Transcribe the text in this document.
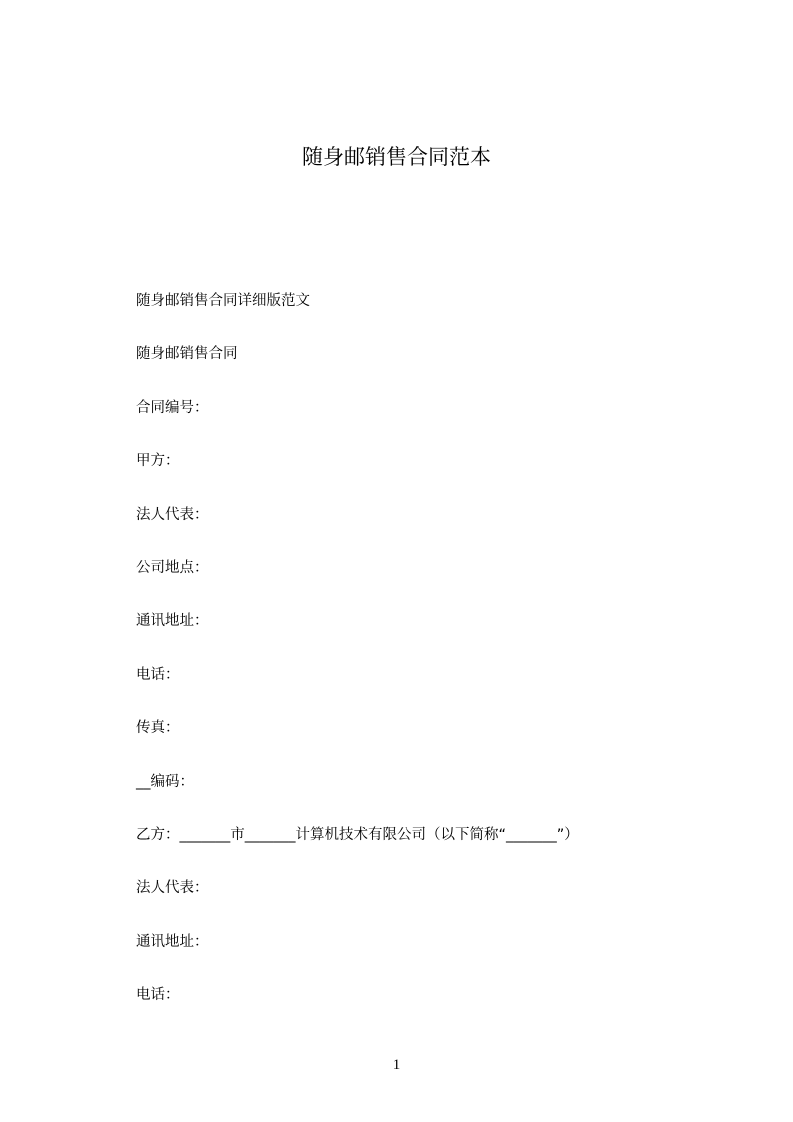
随身邮销售合同范本
随身邮销售合同详细版范文
随身邮销售合同
合同编号：
甲方：
法人代表：
公司地点：
通讯地址：
电话：
传真：
__编码：
乙方：_______市_______计算机技术有限公司（以下简称“_______”）
法人代表：
通讯地址：
电话：
1
